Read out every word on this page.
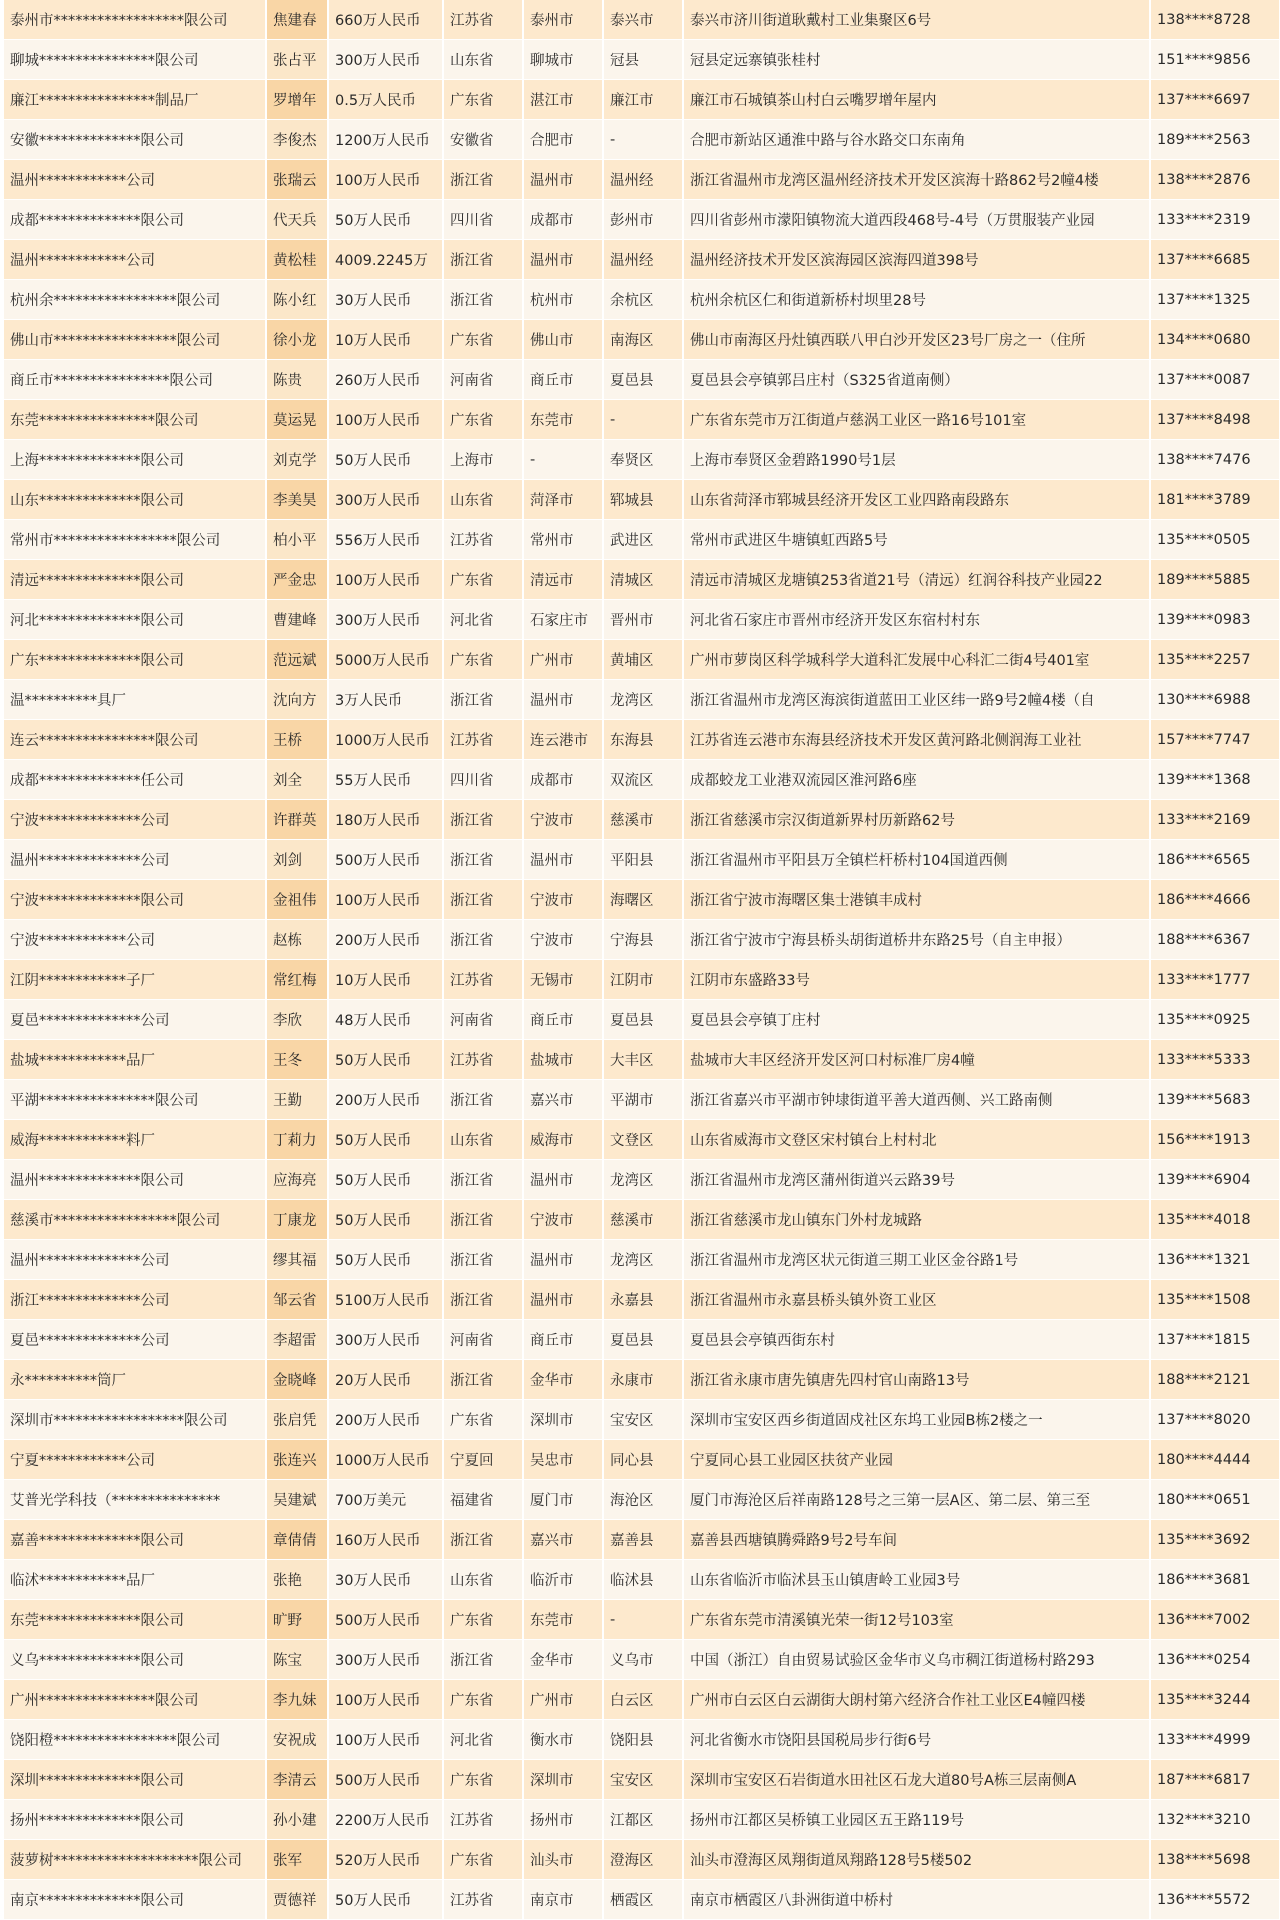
泰州市******************限公司	焦建春	660万人民币	江苏省	泰州市	泰兴市	泰兴市济川街道耿戴村工业集聚区6号	138****8728
聊城****************限公司	张占平	300万人民币	山东省	聊城市	冠县	冠县定远寨镇张桂村	151****9856
廉江****************制品厂	罗增年	0.5万人民币	广东省	湛江市	廉江市	廉江市石城镇茶山村白云嘴罗增年屋内	137****6697
安徽**************限公司	李俊杰	1200万人民币	安徽省	合肥市	-	合肥市新站区通淮中路与谷水路交口东南角	189****2563
温州************公司	张瑞云	100万人民币	浙江省	温州市	温州经	浙江省温州市龙湾区温州经济技术开发区滨海十路862号2幢4楼	138****2876
成都**************限公司	代天兵	50万人民币	四川省	成都市	彭州市	四川省彭州市濛阳镇物流大道西段468号-4号（万贯服装产业园	133****2319
温州************公司	黄松桂	4009.2245万	浙江省	温州市	温州经	温州经济技术开发区滨海园区滨海四道398号	137****6685
杭州余*****************限公司	陈小红	30万人民币	浙江省	杭州市	余杭区	杭州余杭区仁和街道新桥村坝里28号	137****1325
佛山市*****************限公司	徐小龙	10万人民币	广东省	佛山市	南海区	佛山市南海区丹灶镇西联八甲白沙开发区23号厂房之一（住所	134****0680
商丘市****************限公司	陈贵	260万人民币	河南省	商丘市	夏邑县	夏邑县会亭镇郭吕庄村（S325省道南侧）	137****0087
东莞****************限公司	莫运晃	100万人民币	广东省	东莞市	-	广东省东莞市万江街道卢慈涡工业区一路16号101室	137****8498
上海**************限公司	刘克学	50万人民币	上海市	-	奉贤区	上海市奉贤区金碧路1990号1层	138****7476
山东**************限公司	李美昊	300万人民币	山东省	菏泽市	郓城县	山东省菏泽市郓城县经济开发区工业四路南段路东	181****3789
常州市*****************限公司	柏小平	556万人民币	江苏省	常州市	武进区	常州市武进区牛塘镇虹西路5号	135****0505
清远**************限公司	严金忠	100万人民币	广东省	清远市	清城区	清远市清城区龙塘镇253省道21号（清远）红润谷科技产业园22	189****5885
河北**************限公司	曹建峰	300万人民币	河北省	石家庄市	晋州市	河北省石家庄市晋州市经济开发区东宿村村东	139****0983
广东**************限公司	范远斌	5000万人民币	广东省	广州市	黄埔区	广州市萝岗区科学城科学大道科汇发展中心科汇二街4号401室	135****2257
温**********具厂	沈向方	3万人民币	浙江省	温州市	龙湾区	浙江省温州市龙湾区海滨街道蓝田工业区纬一路9号2幢4楼（自	130****6988
连云****************限公司	王桥	1000万人民币	江苏省	连云港市	东海县	江苏省连云港市东海县经济技术开发区黄河路北侧润海工业社	157****7747
成都**************任公司	刘全	55万人民币	四川省	成都市	双流区	成都蛟龙工业港双流园区淮河路6座	139****1368
宁波**************公司	许群英	180万人民币	浙江省	宁波市	慈溪市	浙江省慈溪市宗汉街道新界村历新路62号	133****2169
温州**************公司	刘剑	500万人民币	浙江省	温州市	平阳县	浙江省温州市平阳县万全镇栏杆桥村104国道西侧	186****6565
宁波**************限公司	金祖伟	100万人民币	浙江省	宁波市	海曙区	浙江省宁波市海曙区集士港镇丰成村	186****4666
宁波************公司	赵栋	200万人民币	浙江省	宁波市	宁海县	浙江省宁波市宁海县桥头胡街道桥井东路25号（自主申报）	188****6367
江阴************子厂	常红梅	10万人民币	江苏省	无锡市	江阴市	江阴市东盛路33号	133****1777
夏邑**************公司	李欣	48万人民币	河南省	商丘市	夏邑县	夏邑县会亭镇丁庄村	135****0925
盐城************品厂	王冬	50万人民币	江苏省	盐城市	大丰区	盐城市大丰区经济开发区河口村标准厂房4幢	133****5333
平湖****************限公司	王勤	200万人民币	浙江省	嘉兴市	平湖市	浙江省嘉兴市平湖市钟埭街道平善大道西侧、兴工路南侧	139****5683
威海************料厂	丁莉力	50万人民币	山东省	威海市	文登区	山东省威海市文登区宋村镇台上村村北	156****1913
温州**************限公司	应海亮	50万人民币	浙江省	温州市	龙湾区	浙江省温州市龙湾区蒲州街道兴云路39号	139****6904
慈溪市*****************限公司	丁康龙	50万人民币	浙江省	宁波市	慈溪市	浙江省慈溪市龙山镇东门外村龙城路	135****4018
温州**************公司	缪其福	50万人民币	浙江省	温州市	龙湾区	浙江省温州市龙湾区状元街道三期工业区金谷路1号	136****1321
浙江**************公司	邹云省	5100万人民币	浙江省	温州市	永嘉县	浙江省温州市永嘉县桥头镇外资工业区	135****1508
夏邑**************公司	李超雷	300万人民币	河南省	商丘市	夏邑县	夏邑县会亭镇西街东村	137****1815
永**********筒厂	金晓峰	20万人民币	浙江省	金华市	永康市	浙江省永康市唐先镇唐先四村官山南路13号	188****2121
深圳市******************限公司	张启凭	200万人民币	广东省	深圳市	宝安区	深圳市宝安区西乡街道固戍社区东坞工业园B栋2楼之一	137****8020
宁夏************公司	张连兴	1000万人民币	宁夏回	吴忠市	同心县	宁夏同心县工业园区扶贫产业园	180****4444
艾普光学科技（***************	吴建斌	700万美元	福建省	厦门市	海沧区	厦门市海沧区后祥南路128号之三第一层A区、第二层、第三至	180****0651
嘉善**************限公司	章倩倩	160万人民币	浙江省	嘉兴市	嘉善县	嘉善县西塘镇腾舜路9号2号车间	135****3692
临沭************品厂	张艳	30万人民币	山东省	临沂市	临沭县	山东省临沂市临沭县玉山镇唐岭工业园3号	186****3681
东莞**************限公司	旷野	500万人民币	广东省	东莞市	-	广东省东莞市清溪镇光荣一街12号103室	136****7002
义乌**************限公司	陈宝	300万人民币	浙江省	金华市	义乌市	中国（浙江）自由贸易试验区金华市义乌市稠江街道杨村路293	136****0254
广州****************限公司	李九妹	100万人民币	广东省	广州市	白云区	广州市白云区白云湖街大朗村第六经济合作社工业区E4幢四楼	135****3244
饶阳橙*****************限公司	安祝成	100万人民币	河北省	衡水市	饶阳县	河北省衡水市饶阳县国税局步行街6号	133****4999
深圳**************限公司	李清云	500万人民币	广东省	深圳市	宝安区	深圳市宝安区石岩街道水田社区石龙大道80号A栋三层南侧A	187****6817
扬州**************限公司	孙小建	2200万人民币	江苏省	扬州市	江都区	扬州市江都区吴桥镇工业园区五王路119号	132****3210
菠萝树********************限公司	张军	520万人民币	广东省	汕头市	澄海区	汕头市澄海区凤翔街道凤翔路128号5楼502	138****5698
南京**************限公司	贾德祥	50万人民币	江苏省	南京市	栖霞区	南京市栖霞区八卦洲街道中桥村	136****5572
